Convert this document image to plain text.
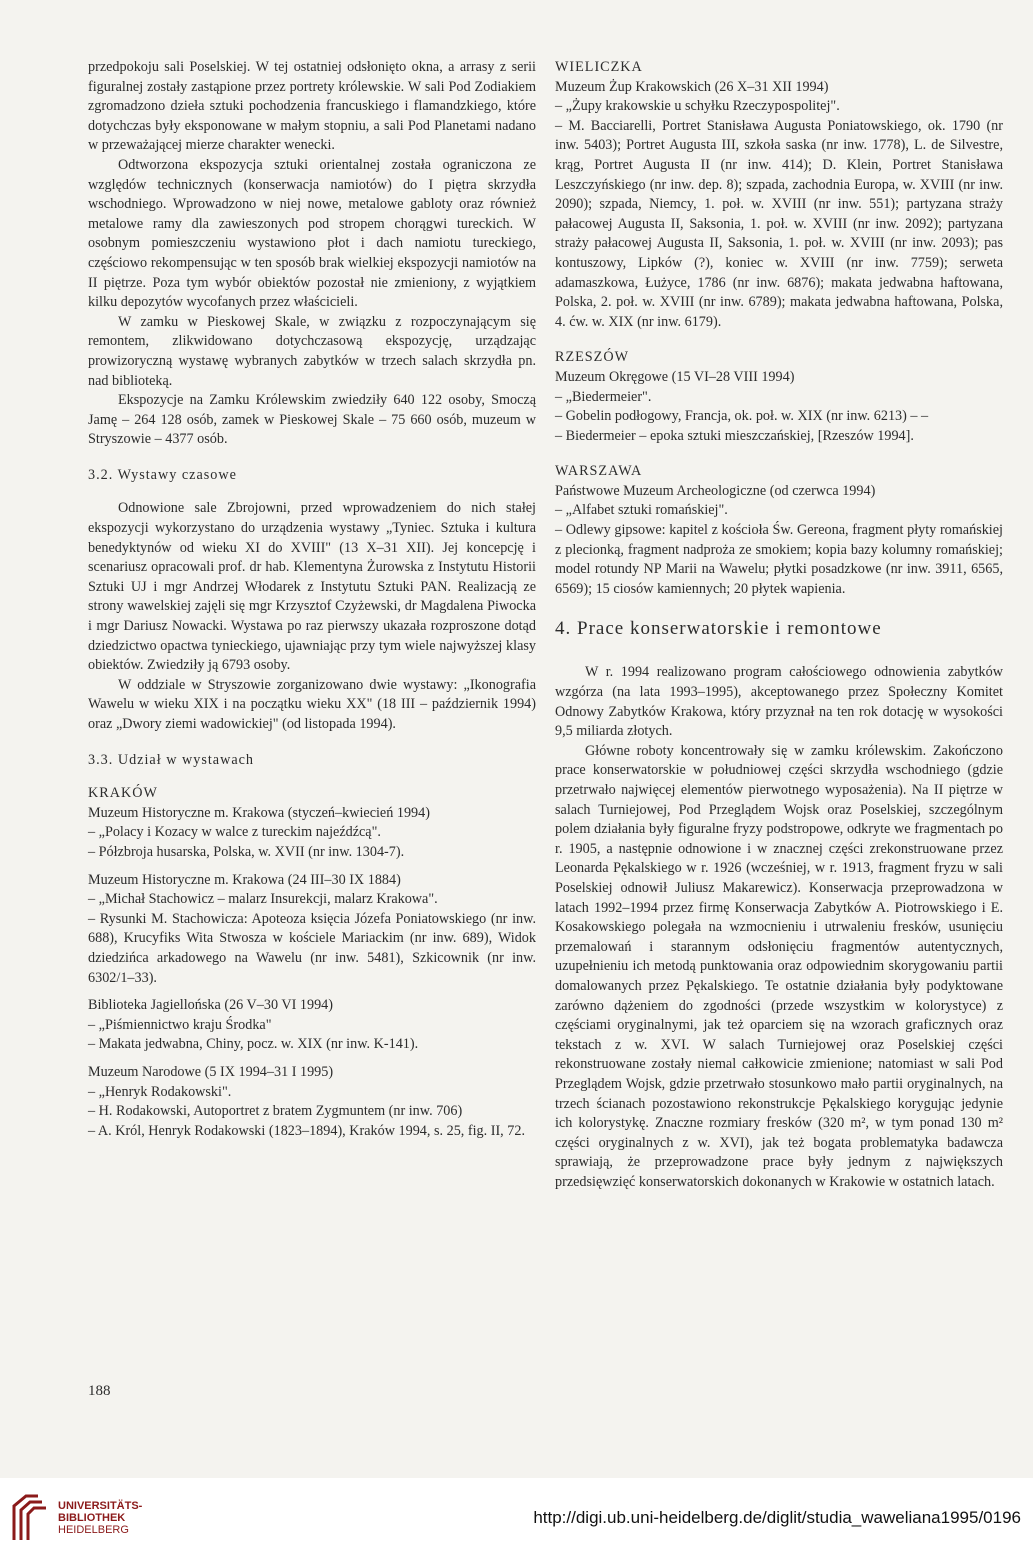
przedpokoju sali Poselskiej. W tej ostatniej odsłonięto okna, a arrasy z serii figuralnej zostały zastąpione przez portrety królewskie. W sali Pod Zodiakiem zgromadzono dzieła sztuki pochodzenia francuskiego i flamandzkiego, które dotychczas były eksponowane w małym stopniu, a sali Pod Planetami nadano w przeważającej mierze charakter wenecki.

Odtworzona ekspozycja sztuki orientalnej została ograniczona ze względów technicznych (konserwacja namiotów) do I piętra skrzydła wschodniego. Wprowadzono w niej nowe, metalowe gabloty oraz również metalowe ramy dla zawieszonych pod stropem chorągwi tureckich. W osobnym pomieszczeniu wystawiono płot i dach namiotu tureckiego, częściowo rekompensując w ten sposób brak wielkiej ekspozycji namiotów na II piętrze. Poza tym wybór obiektów pozostał nie zmieniony, z wyjątkiem kilku depozytów wycofanych przez właścicieli.

W zamku w Pieskowej Skale, w związku z rozpoczynającym się remontem, zlikwidowano dotychczasową ekspozycję, urządzając prowizoryczną wystawę wybranych zabytków w trzech salach skrzydła pn. nad biblioteką.

Ekspozycje na Zamku Królewskim zwiedziły 640 122 osoby, Smoczą Jamę – 264 128 osób, zamek w Pieskowej Skale – 75 660 osób, muzeum w Stryszowie – 4377 osób.

3.2. Wystawy czasowe

Odnowione sale Zbrojowni, przed wprowadzeniem do nich stałej ekspozycji wykorzystano do urządzenia wystawy „Tyniec. Sztuka i kultura benedyktynów od wieku XI do XVIII" (13 X–31 XII). Jej koncepcję i scenariusz opracowali prof. dr hab. Klementyna Żurowska z Instytutu Historii Sztuki UJ i mgr Andrzej Włodarek z Instytutu Sztuki PAN. Realizacją ze strony wawelskiej zajęli się mgr Krzysztof Czyżewski, dr Magdalena Piwocka i mgr Dariusz Nowacki. Wystawa po raz pierwszy ukazała rozproszone dotąd dziedzictwo opactwa tynieckiego, ujawniając przy tym wiele najwyższej klasy obiektów. Zwiedziły ją 6793 osoby.

W oddziale w Stryszowie zorganizowano dwie wystawy: „Ikonografia Wawelu w wieku XIX i na początku wieku XX" (18 III – październik 1994) oraz „Dwory ziemi wadowickiej" (od listopada 1994).

3.3. Udział w wystawach

KRAKÓW

Muzeum Historyczne m. Krakowa (styczeń–kwiecień 1994)

– „Polacy i Kozacy w walce z tureckim najeźdźcą".

– Półzbroja husarska, Polska, w. XVII (nr inw. 1304-7).

Muzeum Historyczne m. Krakowa (24 III–30 IX 1884)

– „Michał Stachowicz – malarz Insurekcji, malarz Krakowa".

– Rysunki M. Stachowicza: Apoteoza księcia Józefa Poniatowskiego (nr inw. 688), Krucyfiks Wita Stwosza w kościele Mariackim (nr inw. 689), Widok dziedzińca arkadowego na Wawelu (nr inw. 5481), Szkicownik (nr inw. 6302/1–33).

Biblioteka Jagiellońska (26 V–30 VI 1994)

– „Piśmiennictwo kraju Środka"

– Makata jedwabna, Chiny, pocz. w. XIX (nr inw. K-141).

Muzeum Narodowe (5 IX 1994–31 I 1995)

– „Henryk Rodakowski".

– H. Rodakowski, Autoportret z bratem Zygmuntem (nr inw. 706)

– A. Król, Henryk Rodakowski (1823–1894), Kraków 1994, s. 25, fig. II, 72.

WIELICZKA

Muzeum Żup Krakowskich (26 X–31 XII 1994)

– „Żupy krakowskie u schyłku Rzeczypospolitej".

– M. Bacciarelli, Portret Stanisława Augusta Poniatowskiego, ok. 1790 (nr inw. 5403); Portret Augusta III, szkoła saska (nr inw. 1778), L. de Silvestre, krąg, Portret Augusta II (nr inw. 414); D. Klein, Portret Stanisława Leszczyńskiego (nr inw. dep. 8); szpada, zachodnia Europa, w. XVIII (nr inw. 2090); szpada, Niemcy, 1. poł. w. XVIII (nr inw. 551); partyzana straży pałacowej Augusta II, Saksonia, 1. poł. w. XVIII (nr inw. 2092); partyzana straży pałacowej Augusta II, Saksonia, 1. poł. w. XVIII (nr inw. 2093); pas kontuszowy, Lipków (?), koniec w. XVIII (nr inw. 7759); serweta adamaszkowa, Łużyce, 1786 (nr inw. 6876); makata jedwabna haftowana, Polska, 2. poł. w. XVIII (nr inw. 6789); makata jedwabna haftowana, Polska, 4. ćw. w. XIX (nr inw. 6179).

RZESZÓW

Muzeum Okręgowe (15 VI–28 VIII 1994)

– „Biedermeier".

– Gobelin podłogowy, Francja, ok. poł. w. XIX (nr inw. 6213) – –

– Biedermeier – epoka sztuki mieszczańskiej, [Rzeszów 1994].

WARSZAWA

Państwowe Muzeum Archeologiczne (od czerwca 1994)

– „Alfabet sztuki romańskiej".

– Odlewy gipsowe: kapitel z kościoła Św. Gereona, fragment płyty romańskiej z plecionką, fragment nadproża ze smokiem; kopia bazy kolumny romańskiej; model rotundy NP Marii na Wawelu; płytki posadzkowe (nr inw. 3911, 6565, 6569); 15 ciosów kamiennych; 20 płytek wapienia.

4. Prace konserwatorskie i remontowe

W r. 1994 realizowano program całościowego odnowienia zabytków wzgórza (na lata 1993–1995), akceptowanego przez Społeczny Komitet Odnowy Zabytków Krakowa, który przyznał na ten rok dotację w wysokości 9,5 miliarda złotych.

Główne roboty koncentrowały się w zamku królewskim. Zakończono prace konserwatorskie w południowej części skrzydła wschodniego (gdzie przetrwało najwięcej elementów pierwotnego wyposażenia). Na II piętrze w salach Turniejowej, Pod Przeglądem Wojsk oraz Poselskiej, szczególnym polem działania były figuralne fryzy podstropowe, odkryte we fragmentach po r. 1905, a następnie odnowione i w znacznej części zrekonstruowane przez Leonarda Pękalskiego w r. 1926 (wcześniej, w r. 1913, fragment fryzu w sali Poselskiej odnowił Juliusz Makarewicz). Konserwacja przeprowadzona w latach 1992–1994 przez firmę Konserwacja Zabytków A. Piotrowskiego i E. Kosakowskiego polegała na wzmocnieniu i utrwaleniu fresków, usunięciu przemalowań i starannym odsłonięciu fragmentów autentycznych, uzupełnieniu ich metodą punktowania oraz odpowiednim skorygowaniu partii domalowanych przez Pękalskiego. Te ostatnie działania były podyktowane zarówno dążeniem do zgodności (przede wszystkim w kolorystyce) z częściami oryginalnymi, jak też oparciem się na wzorach graficznych oraz tekstach z w. XVI. W salach Turniejowej oraz Poselskiej części rekonstruowane zostały niemal całkowicie zmienione; natomiast w sali Pod Przeglądem Wojsk, gdzie przetrwało stosunkowo mało partii oryginalnych, na trzech ścianach pozostawiono rekonstrukcje Pękalskiego korygując jedynie ich kolorystykę. Znaczne rozmiary fresków (320 m², w tym ponad 130 m² części oryginalnych z w. XVI), jak też bogata problematyka badawcza sprawiają, że przeprowadzone prace były jednym z największych przedsięwzięć konserwatorskich dokonanych w Krakowie w ostatnich latach.

188
UNIVERSITÄTS-
BIBLIOTHEK
HEIDELBERG
http://digi.ub.uni-heidelberg.de/diglit/studia_waweliana1995/0196
